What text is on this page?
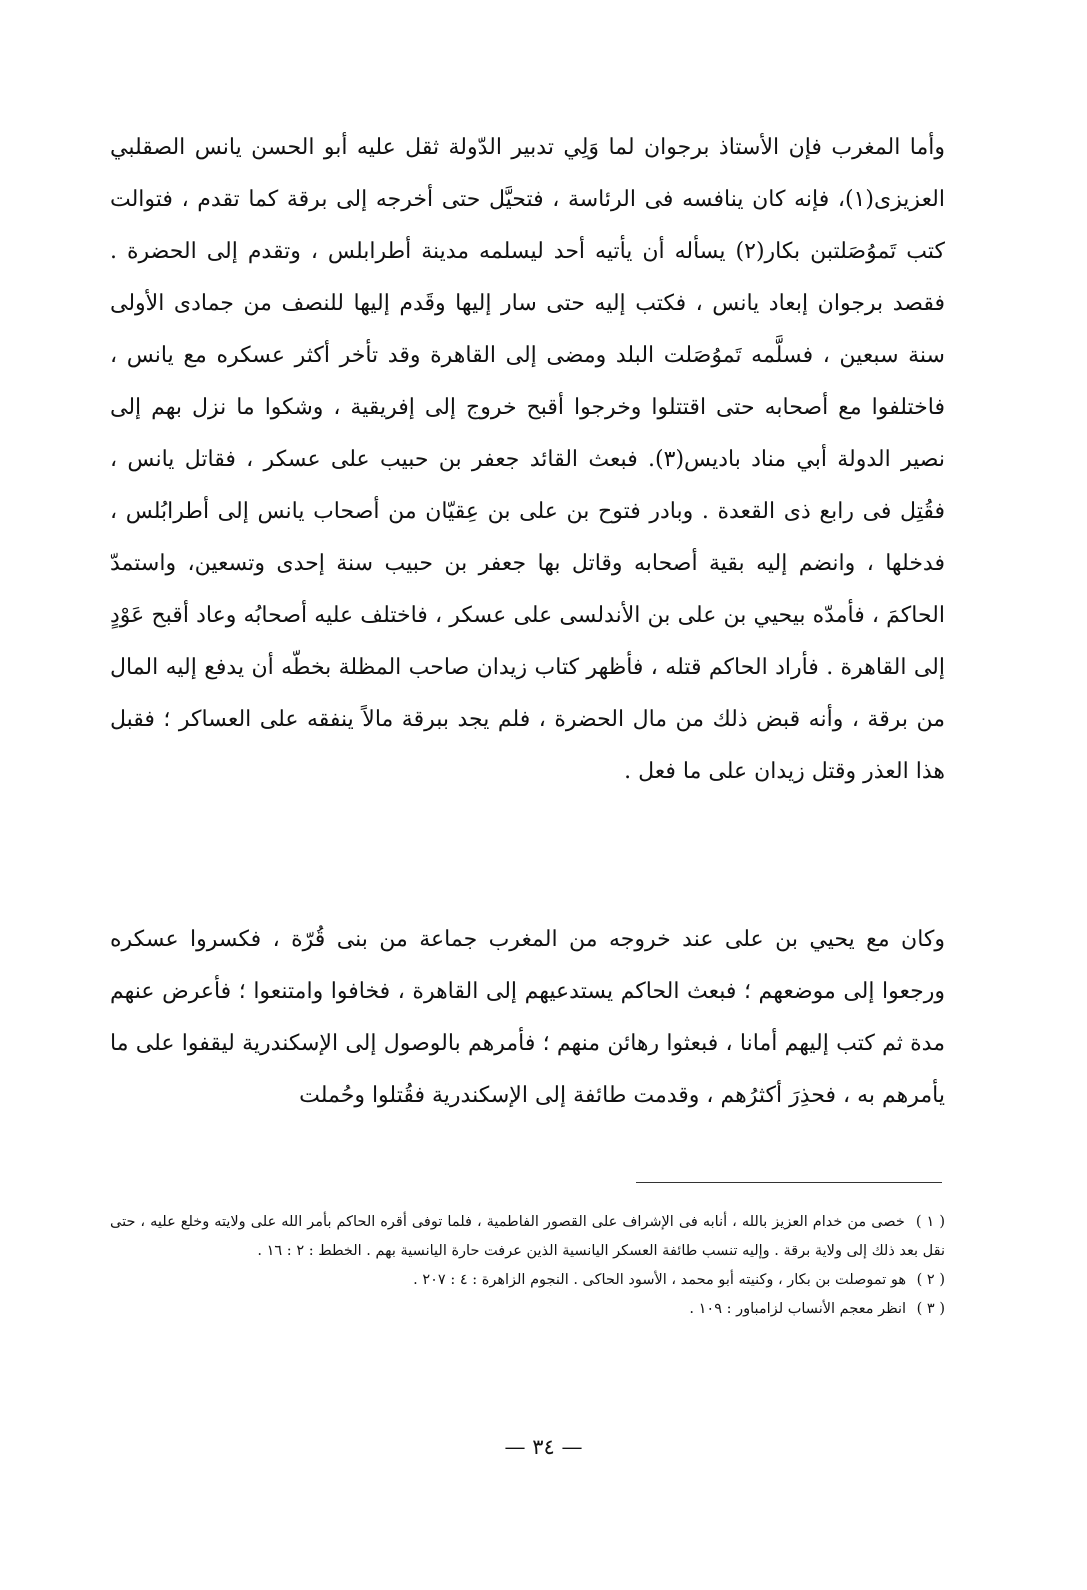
وأما المغرب فإن الأستاذ برجوان لما وَلِي تدبير الدّولة ثقل عليه أبو الحسن يانس الصقلبي العزيزى(١)، فإنه كان ينافسه فى الرئاسة ، فتحيَّل حتى أخرجه إلى برقة كما تقدم ، فتوالت كتب تَموُصَلتبن بكار(٢) يسأله أن يأتيه أحد ليسلمه مدينة أطرابلس ، وتقدم إلى الحضرة . فقصد برجوان إبعاد يانس ، فكتب إليه حتى سار إليها وقَدم إليها للنصف من جمادى الأولى سنة سبعين ، فسلَّمه تَموُصَلت البلد ومضى إلى القاهرة وقد تأخر أكثر عسكره مع يانس ، فاختلفوا مع أصحابه حتى اقتتلوا وخرجوا أقبح خروج إلى إفريقية ، وشكوا ما نزل بهم إلى نصير الدولة أبي مناد باديس(٣). فبعث القائد جعفر بن حبيب على عسكر ، فقاتل يانس ، فقُتِل فى رابع ذى القعدة . وبادر فتوح بن على بن عِقيّان من أصحاب يانس إلى أطرابُلس ، فدخلها ، وانضم إليه بقية أصحابه وقاتل بها جعفر بن حبيب سنة إحدى وتسعين، واستمدّ الحاكمَ ، فأمدّه بيحيي بن على بن الأندلسى على عسكر ، فاختلف عليه أصحابُه وعاد أقبح عَوْدٍ إلى القاهرة . فأراد الحاكم قتله ، فأظهر كتاب زيدان صاحب المظلة بخطّه أن يدفع إليه المال من برقة ، وأنه قبض ذلك من مال الحضرة ، فلم يجد ببرقة مالاً ينفقه على العساكر ؛ فقبل هذا العذر وقتل زيدان على ما فعل .

وكان مع يحيي بن على عند خروجه من المغرب جماعة من بنى قُرّة ، فكسروا عسكره ورجعوا إلى موضعهم ؛ فبعث الحاكم يستدعيهم إلى القاهرة ، فخافوا وامتنعوا ؛ فأعرض عنهم مدة ثم كتب إليهم أمانا ، فبعثوا رهائن منهم ؛ فأمرهم بالوصول إلى الإسكندرية ليقفوا على ما يأمرهم به ، فحذِرَ أكثرُهم ، وقدمت طائفة إلى الإسكندرية فقُتلوا وحُملت

( ١ ) خصى من خدام العزيز بالله ، أنابه فى الإشراف على القصور الفاطمية ، فلما توفى أقره الحاكم بأمر الله على ولايته وخلع عليه ، حتى نقل بعد ذلك إلى ولاية برقة . وإليه تنسب طائفة العسكر اليانسية الذين عرفت حارة اليانسية بهم . الخطط : ٢ : ١٦ .

( ٢ ) هو تموصلت بن بكار ، وكنيته أبو محمد ، الأسود الحاكى . النجوم الزاهرة : ٤ : ٢٠٧ .

( ٣ ) انظر معجم الأنساب لزامباور : ١٠٩ .

— ٣٤ —
